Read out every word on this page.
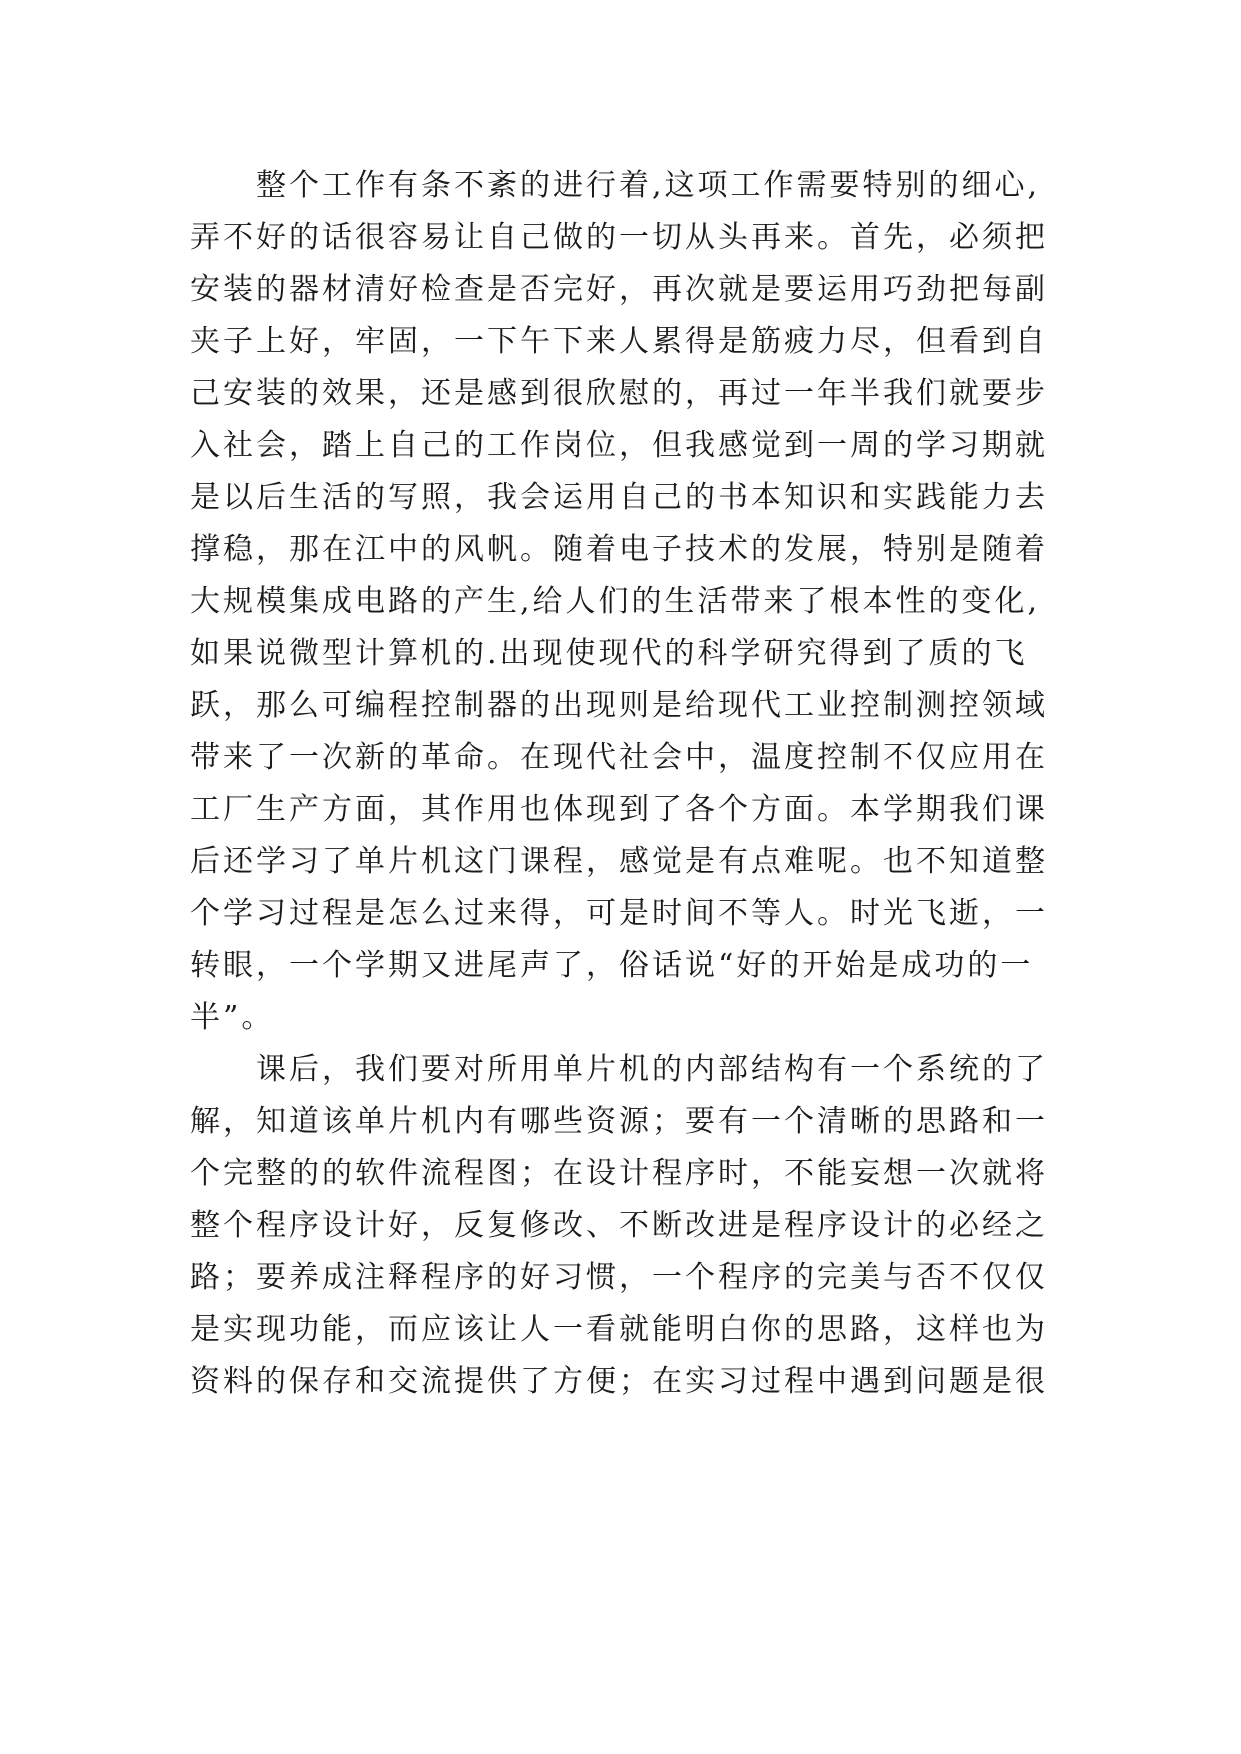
整个工作有条不紊的进行着,这项工作需要特别的细心,
弄不好的话很容易让自己做的一切从头再来。首先，必须把
安装的器材清好检查是否完好，再次就是要运用巧劲把每副
夹子上好，牢固，一下午下来人累得是筋疲力尽，但看到自
己安装的效果，还是感到很欣慰的，再过一年半我们就要步
入社会，踏上自己的工作岗位，但我感觉到一周的学习期就
是以后生活的写照，我会运用自己的书本知识和实践能力去
撑稳，那在江中的风帆。随着电子技术的发展，特别是随着
大规模集成电路的产生,给人们的生活带来了根本性的变化,
如果说微型计算机的.出现使现代的科学研究得到了质的飞
跃，那么可编程控制器的出现则是给现代工业控制测控领域
带来了一次新的革命。在现代社会中，温度控制不仅应用在
工厂生产方面，其作用也体现到了各个方面。本学期我们课
后还学习了单片机这门课程，感觉是有点难呢。也不知道整
个学习过程是怎么过来得，可是时间不等人。时光飞逝，一
转眼，一个学期又进尾声了，俗话说“好的开始是成功的一
半”。
课后，我们要对所用单片机的内部结构有一个系统的了
解，知道该单片机内有哪些资源；要有一个清晰的思路和一
个完整的的软件流程图；在设计程序时，不能妄想一次就将
整个程序设计好，反复修改、不断改进是程序设计的必经之
路；要养成注释程序的好习惯，一个程序的完美与否不仅仅
是实现功能，而应该让人一看就能明白你的思路，这样也为
资料的保存和交流提供了方便；在实习过程中遇到问题是很
